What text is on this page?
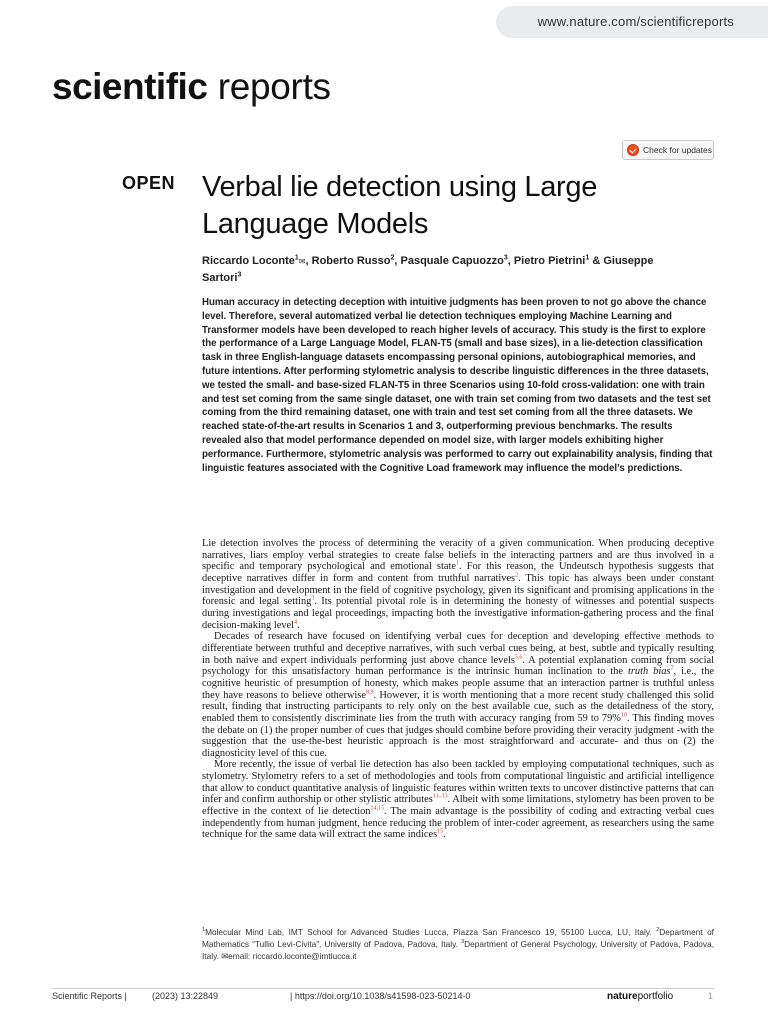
www.nature.com/scientificreports
scientific reports
Check for updates
OPEN Verbal lie detection using Large Language Models
Riccardo Loconte$^1$✉, Roberto Russo$^2$, Pasquale Capuozzo$^3$, Pietro Pietrini$^1$ & Giuseppe Sartori$^3$
Human accuracy in detecting deception with intuitive judgments has been proven to not go above the chance level. Therefore, several automatized verbal lie detection techniques employing Machine Learning and Transformer models have been developed to reach higher levels of accuracy. This study is the first to explore the performance of a Large Language Model, FLAN-T5 (small and base sizes), in a lie-detection classification task in three English-language datasets encompassing personal opinions, autobiographical memories, and future intentions. After performing stylometric analysis to describe linguistic differences in the three datasets, we tested the small- and base-sized FLAN-T5 in three Scenarios using 10-fold cross-validation: one with train and test set coming from the same single dataset, one with train set coming from two datasets and the test set coming from the third remaining dataset, one with train and test set coming from all the three datasets. We reached state-of-the-art results in Scenarios 1 and 3, outperforming previous benchmarks. The results revealed also that model performance depended on model size, with larger models exhibiting higher performance. Furthermore, stylometric analysis was performed to carry out explainability analysis, finding that linguistic features associated with the Cognitive Load framework may influence the model’s predictions.

Lie detection involves the process of determining the veracity of a given communication. When producing deceptive narratives, liars employ verbal strategies to create false beliefs in the interacting partners and are thus involved in a specific and temporary psychological and emotional state$^1$. For this reason, the Undeutsch hypothesis suggests that deceptive narratives differ in form and content from truthful narratives$^2$. This topic has always been under constant investigation and development in the field of cognitive psychology, given its significant and promising applications in the forensic and legal setting$^3$. Its potential pivotal role is in determining the honesty of witnesses and potential suspects during investigations and legal proceedings, impacting both the investigative information-gathering process and the final decision-making level$^4$.

Decades of research have focused on identifying verbal cues for deception and developing effective methods to differentiate between truthful and deceptive narratives, with such verbal cues being, at best, subtle and typically resulting in both naive and expert individuals performing just above chance levels$^{5,6}$. A potential explanation coming from social psychology for this unsatisfactory human performance is the intrinsic human inclination to the truth bias$^7$, i.e., the cognitive heuristic of presumption of honesty, which makes people assume that an interaction partner is truthful unless they have reasons to believe otherwise$^{8,9}$. However, it is worth mentioning that a more recent study challenged this solid result, finding that instructing participants to rely only on the best available cue, such as the detailedness of the story, enabled them to consistently discriminate lies from the truth with accuracy ranging from 59 to 79%$^{10}$. This finding moves the debate on (1) the proper number of cues that judges should combine before providing their veracity judgment -with the suggestion that the use-the-best heuristic approach is the most straightforward and accurate- and thus on (2) the diagnosticity level of this cue.

More recently, the issue of verbal lie detection has also been tackled by employing computational techniques, such as stylometry. Stylometry refers to a set of methodologies and tools from computational linguistic and artificial intelligence that allow to conduct quantitative analysis of linguistic features within written texts to uncover distinctive patterns that can infer and confirm authorship or other stylistic attributes$^{11-13}$. Albeit with some limitations, stylometry has been proven to be effective in the context of lie detection$^{14,15}$. The main advantage is the possibility of coding and extracting verbal cues independently from human judgment, hence reducing the problem of inter-coder agreement, as researchers using the same technique for the same data will extract the same indices$^{15}$.

$^1$Molecular Mind Lab, IMT School for Advanced Studies Lucca, Piazza San Francesco 19, 55100 Lucca, LU, Italy. $^2$Department of Mathematics “Tullio Levi-Civita”, University of Padova, Padova, Italy. $^3$Department of General Psychology, University of Padova, Padova, Italy. ✉email: riccardo.loconte@imtlucca.it
Scientific Reports |	(2023) 13:22849	| https://doi.org/10.1038/s41598-023-50214-0	natureportfolio	1
